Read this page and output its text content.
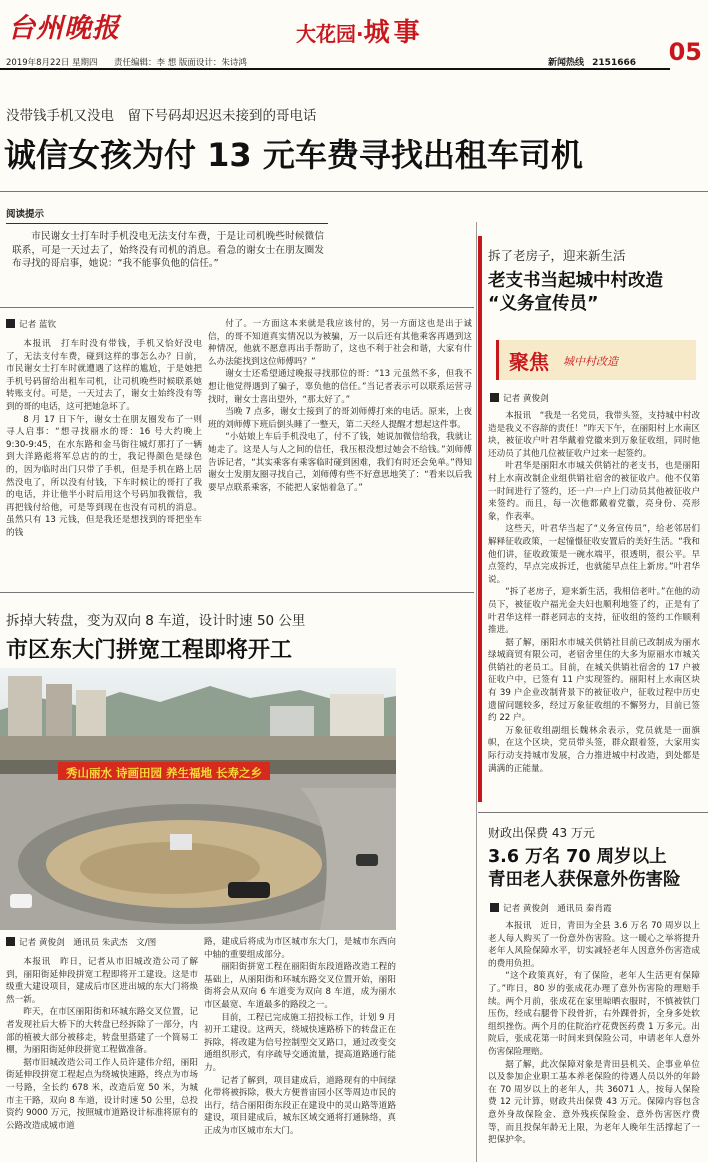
台州晚报	大花园·城事
05
2019年8月22日 星期四 责任编辑：李 想 版面设计：朱诗鸿	新闻热线 2151666
没带钱手机又没电　留下号码却迟迟未接到的哥电话
诚信女孩为付 13 元车费寻找出租车司机
阅读提示
市民谢女士打车时手机没电无法支付车费，于是让司机晚些时候微信联系，可是一天过去了，始终没有司机的消息。看急的谢女士在朋友圈发布寻找的哥启事，她说：“我不能事负他的信任。”
记者 蓝钦

本报讯　打车时没有带钱，手机又恰好没电了，无法支付车费，碰到这样的事怎么办？日前，市民谢女士打车时就遭遇了这样的尴尬，于是她把手机号码留给出租车司机，让司机晚些时候联系她转账支付。可是，一天过去了，谢女士始终没有等到的哥的电话，这可把她急坏了。

8 月 17 日下午，谢女士在朋友圈发布了一则寻人启事：“想寻找丽水的哥：16 号大约晚上 9:30-9:45，在水东路和金马街往城灯那打了一辆到大洋路彪将军总店的的士，我记得颜色是绿色的，因为临时出门只带了手机，但是手机在路上居然没电了，所以没有付钱，下车时候让的哥打了我的电话，并让他半小时后用这个号码加我微信，我再把钱付给他，可是等到现在也没有司机的消息。虽然只有 13 元钱，但是我还是想找到的哥把坐车的钱

付了。一方面这本来就是我应该付的，另一方面这也是出于诚信，的哥不知道真实情况以为被骗，万一以后还有其他乘客再遇到这种情况，他就不愿意再出手帮助了，这也不利于社会和谐，大家有什么办法能找到这位师傅吗？”

谢女士还希望通过晚报寻找那位的哥：“13 元虽然不多，但我不想让他觉得遇到了骗子，辜负他的信任。”当记者表示可以联系运营寻找时，谢女士喜出望外，“那太好了。”

当晚 7 点多，谢女士接到了的哥刘师傅打来的电话。原来，上夜班的刘师傅下班后倒头睡了一整天，第二天经人提醒才想起这件事。

“小姑娘上车后手机没电了，付不了钱，她说加微信给我，我就让她走了。这是人与人之间的信任，我压根没想过她会不给钱。”刘师傅告诉记者，“其实乘客有乘客临时碰到困难，我们有时还会免单。”得知谢女士发朋友圈寻找自己，刘师傅有些不好意思地笑了：“看来以后我要早点联系乘客，不能把人家惦着急了。”

拆掉大转盘，变为双向 8 车道，设计时速 50 公里
市区东大门拼宽工程即将开工
秀山丽水 诗画田园 养生福地 长寿之乡
记者 黄俊剑　通讯员 朱武杰　文/图

本报讯　昨日，记者从市旧城改造公司了解到，丽阳街延伸段拼宽工程即将开工建设。这是市级重大建设项目，建成后市区进出城的东大门将焕然一新。

昨天，在市区丽阳街和环城东路交叉位置，记者发现社后大桥下的大转盘已经拆除了一部分，内部的植被大部分被移走，转盘里搭建了一个简易工棚，为丽阳街延伸段拼宽工程做准备。

据市旧城改造公司工作人员许建伟介绍，丽阳街延伸段拼宽工程起点为绕城快速路，终点为市场一号路，全长约 678 米，改造后宽 50 米，为城市主干路，双向 8 车道，设计时速 50 公里，总投资约 9000 万元，按照城市道路设计标准将原有的公路改造成城市道

路，建成后将成为市区城市东大门，是城市东西向中轴的重要组成部分。

丽阳街拼宽工程在丽阳街东段道路改造工程的基础上，从丽阳街和环城东路交叉位置开始，丽阳街将会从双向 6 车道变为双向 8 车道，成为丽水市区最宽、车道最多的路段之一。

目前，工程已完成施工招投标工作，计划 9 月初开工建设。这两天，绕城快速路桥下的转盘正在拆除，将改建为信号控制型交叉路口，通过改变交通组织形式，有序疏导交通流量，提高道路通行能力。

记者了解到，项目建成后，道路现有的中间绿化带将被拆除，极大方便普宙园小区等周边市民的出行，结合丽阳街东段正在建设中的灵山路等道路建设，项目建成后，城东区域交通将打通脉络，真正成为市区城市东大门。

拆了老房子，迎来新生活
老支书当起城中村改造
“义务宣传员”
聚焦 城中村改造
记者 黄俊剑

本报讯　“我是一名党员，我带头签，支持城中村改造是我义不容辞的责任！”昨天下午，在丽阳村上水南区块，被征收户叶君华戴着党徽来到万象征收组，同时他还动员了其他几位被征收户过来一起签约。

叶君华是丽阳水市城关供销社的老支书，也是丽阳村上水南改制企业组供销社宿舍的被征收户。他不仅第一时间进行了签约，还一户一户上门动员其他被征收户来签约。而且，每一次他都戴着党徽，亮身份、亮形象，作表率。

这些天，叶君华当起了“义务宣传员”，给老邻居们解释征收政策，一起憧憬征收安置后的美好生活。“我和他们讲，征收政策是一碗水端平，很透明，很公平。早点签约，早点完成拆迁，也就能早点住上新房。”叶君华说。

“拆了老房子，迎来新生活，我相信老叶。”在他的动员下，被征收户福光金夫妇也顺利地签了约，正是有了叶君华这样一群老同志的支持，征收组的签约工作顺利推进。

据了解，丽阳水市城关供销社目前已改制成为丽水绿城商贸有限公司，老宿舍里住的大多为原丽水市城关供销社的老员工。目前，在城关供销社宿舍的 17 户被征收户中，已签有 11 户实现签约。丽阳村上水南区块有 39 户企业改制背景下的被征收户，征收过程中历史遗留问题较多，经过万象征收组的不懈努力，目前已签约 22 户。

万象征收组副组长魏林余表示，党员就是一面旗帜，在这个区块，党员带头签，群众跟着签，大家用实际行动支持城市发展，合力推进城中村改造，到处都是满满的正能量。

财政出保费 43 万元
3.6 万名 70 周岁以上
青田老人获保意外伤害险
记者 黄俊剑　通讯员 秦肖霞

本报讯　近日，青田为全县 3.6 万名 70 周岁以上老人每人购买了一份意外伤害险。这一暖心之举将提升老年人风险保障水平，切实减轻老年人因意外伤害造成的费用负担。

“这个政策真好，有了保险，老年人生活更有保障了。”昨日，80 岁的张成花办理了意外伤害险的理赔手续。两个月前，张成花在家里晾晒衣服时，不慎被铁门压伤，经成右腿骨下段骨折，右外踝骨折，全身多处软组织挫伤。两个月的住院治疗花费医药费 1 万多元。出院后，张成花第一时间来到保险公司，申请老年人意外伤害保险理赔。

据了解，此次保障对象是青田县机关、企事业单位以及参加企业职工基本养老保险的待遇人员以外的年龄在 70 周岁以上的老年人，共 36071 人，按每人保险费 12 元计算，财政共出保费 43 万元。保障内容包含意外身故保险金、意外残疾保险金、意外伤害医疗费等，而且投保年龄无上限，为老年人晚年生活撑起了一把保护伞。
